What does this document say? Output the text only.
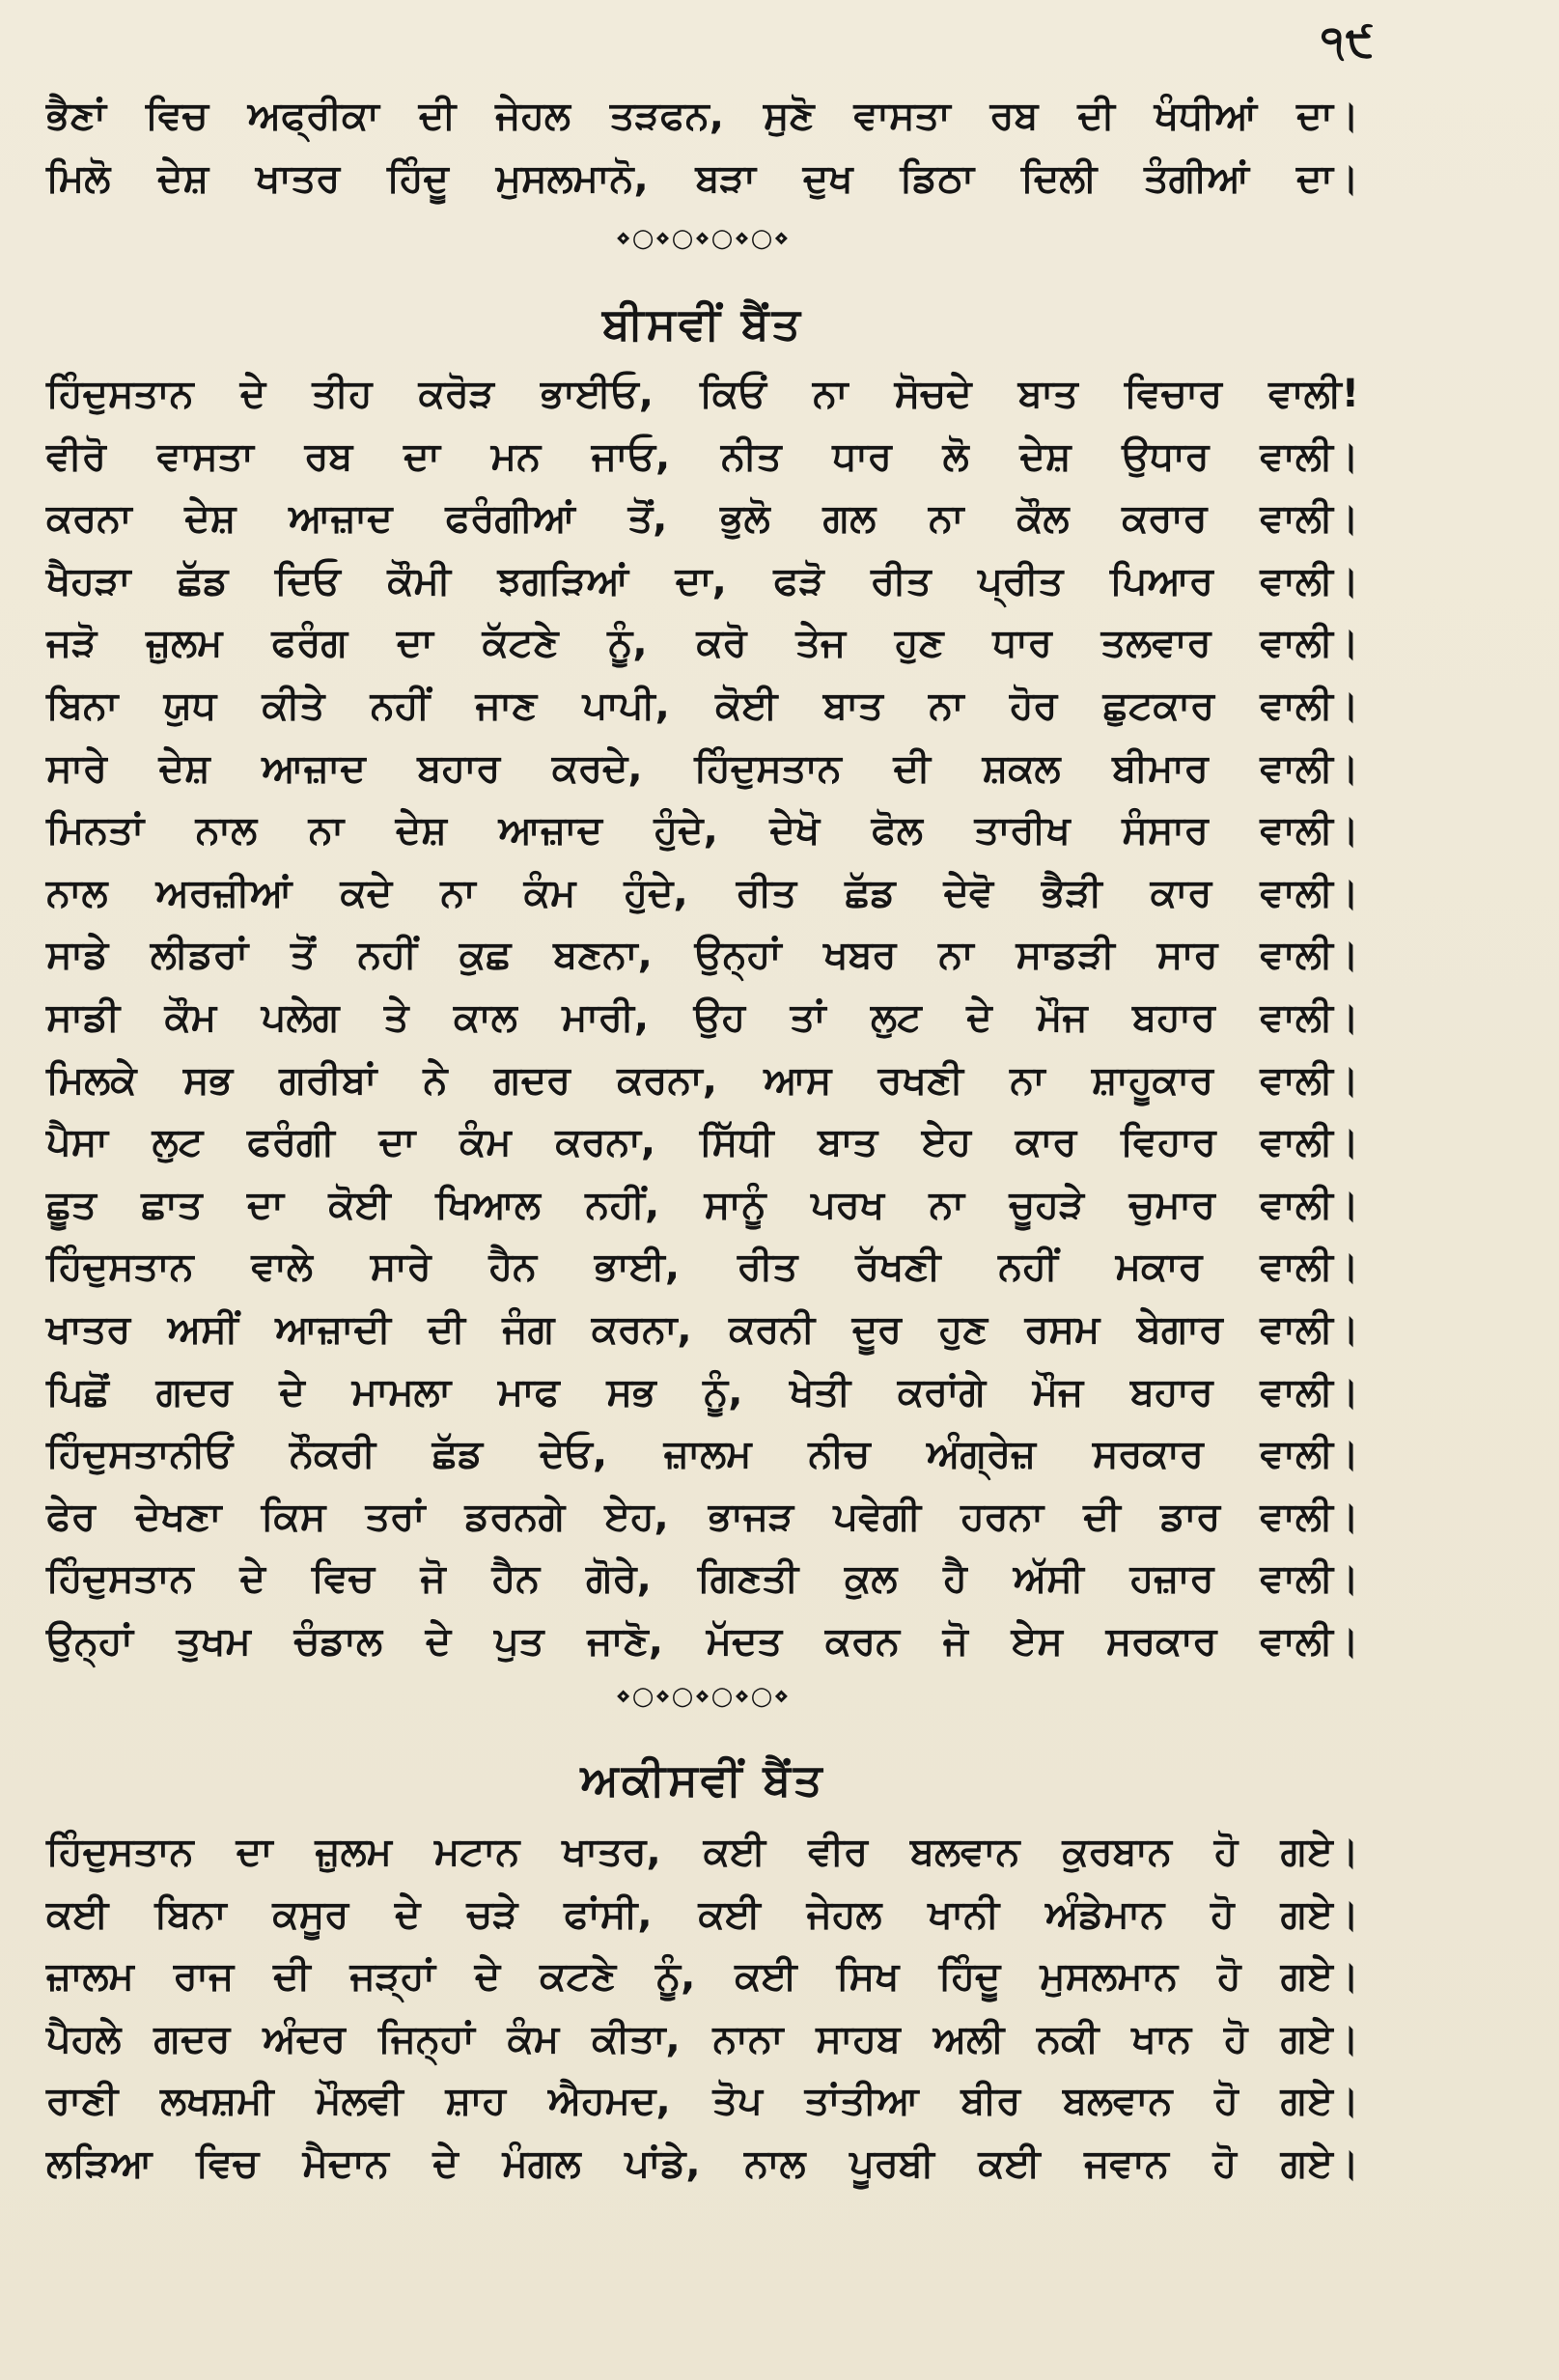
੧੯
ਭੈਣਾਂ ਵਿਚ ਅਫ੍ਰੀਕਾ ਦੀ ਜੇਹਲ ਤੜਫਨ, ਸੁਣੋ ਵਾਸਤਾ ਰਬ ਦੀ ਖੰਧੀਆਂ ਦਾ।
ਮਿਲੋ ਦੇਸ਼ ਖਾਤਰ ਹਿੰਦੂ ਮੁਸਲਮਾਨੋ, ਬੜਾ ਦੁਖ ਡਿਠਾ ਦਿਲੀ ਤੰਗੀਆਂ ਦਾ।
⋄○⋄○⋄○⋄○⋄
ਬੀਸਵੀਂ ਬੈਂਤ
ਹਿੰਦੁਸਤਾਨ ਦੇ ਤੀਹ ਕਰੋੜ ਭਾਈਓ, ਕਿਓਂ ਨਾ ਸੋਚਦੇ ਬਾਤ ਵਿਚਾਰ ਵਾਲੀ!
ਵੀਰੋ ਵਾਸਤਾ ਰਬ ਦਾ ਮਨ ਜਾਓ, ਨੀਤ ਧਾਰ ਲੋ ਦੇਸ਼ ਉਧਾਰ ਵਾਲੀ।
ਕਰਨਾ ਦੇਸ਼ ਆਜ਼ਾਦ ਫਰੰਗੀਆਂ ਤੋਂ, ਭੁਲੋ ਗਲ ਨਾ ਕੌਲ ਕਰਾਰ ਵਾਲੀ।
ਖੈਹੜਾ ਛੱਡ ਦਿਓ ਕੌਮੀ ਝਗੜਿਆਂ ਦਾ, ਫੜੋ ਰੀਤ ਪ੍ਰੀਤ ਪਿਆਰ ਵਾਲੀ।
ਜੜੋ ਜ਼ੁਲਮ ਫਰੰਗ ਦਾ ਕੱਟਣੇ ਨੂੰ, ਕਰੋ ਤੇਜ ਹੁਣ ਧਾਰ ਤਲਵਾਰ ਵਾਲੀ।
ਬਿਨਾ ਯੁਧ ਕੀਤੇ ਨਹੀਂ ਜਾਣ ਪਾਪੀ, ਕੋਈ ਬਾਤ ਨਾ ਹੋਰ ਛੁਟਕਾਰ ਵਾਲੀ।
ਸਾਰੇ ਦੇਸ਼ ਆਜ਼ਾਦ ਬਹਾਰ ਕਰਦੇ, ਹਿੰਦੁਸਤਾਨ ਦੀ ਸ਼ਕਲ ਬੀਮਾਰ ਵਾਲੀ।
ਮਿਨਤਾਂ ਨਾਲ ਨਾ ਦੇਸ਼ ਆਜ਼ਾਦ ਹੁੰਦੇ, ਦੇਖੋ ਫੋਲ ਤਾਰੀਖ ਸੰਸਾਰ ਵਾਲੀ।
ਨਾਲ ਅਰਜ਼ੀਆਂ ਕਦੇ ਨਾ ਕੰਮ ਹੁੰਦੇ, ਰੀਤ ਛੱਡ ਦੇਵੋ ਭੈੜੀ ਕਾਰ ਵਾਲੀ।
ਸਾਡੇ ਲੀਡਰਾਂ ਤੋਂ ਨਹੀਂ ਕੁਛ ਬਣਨਾ, ਉਨ੍ਹਾਂ ਖਬਰ ਨਾ ਸਾਡੜੀ ਸਾਰ ਵਾਲੀ।
ਸਾਡੀ ਕੌਮ ਪਲੇਗ ਤੇ ਕਾਲ ਮਾਰੀ, ਉਹ ਤਾਂ ਲੁਟ ਦੇ ਮੌਜ ਬਹਾਰ ਵਾਲੀ।
ਮਿਲਕੇ ਸਭ ਗਰੀਬਾਂ ਨੇ ਗਦਰ ਕਰਨਾ, ਆਸ ਰਖਣੀ ਨਾ ਸ਼ਾਹੂਕਾਰ ਵਾਲੀ।
ਪੈਸਾ ਲੁਟ ਫਰੰਗੀ ਦਾ ਕੰਮ ਕਰਨਾ, ਸਿੱਧੀ ਬਾਤ ਏਹ ਕਾਰ ਵਿਹਾਰ ਵਾਲੀ।
ਛੂਤ ਛਾਤ ਦਾ ਕੋਈ ਖਿਆਲ ਨਹੀਂ, ਸਾਨੂੰ ਪਰਖ ਨਾ ਚੂਹੜੇ ਚੁਮਾਰ ਵਾਲੀ।
ਹਿੰਦੁਸਤਾਨ ਵਾਲੇ ਸਾਰੇ ਹੈਨ ਭਾਈ, ਰੀਤ ਰੱਖਣੀ ਨਹੀਂ ਮਕਾਰ ਵਾਲੀ।
ਖਾਤਰ ਅਸੀਂ ਆਜ਼ਾਦੀ ਦੀ ਜੰਗ ਕਰਨਾ, ਕਰਨੀ ਦੂਰ ਹੁਣ ਰਸਮ ਬੇਗਾਰ ਵਾਲੀ।
ਪਿਛੋਂ ਗਦਰ ਦੇ ਮਾਮਲਾ ਮਾਫ ਸਭ ਨੂੰ, ਖੇਤੀ ਕਰਾਂਗੇ ਮੌਜ ਬਹਾਰ ਵਾਲੀ।
ਹਿੰਦੁਸਤਾਨੀਓਂ ਨੌਕਰੀ ਛੱਡ ਦੇਓ, ਜ਼ਾਲਮ ਨੀਚ ਅੰਗ੍ਰੇਜ਼ ਸਰਕਾਰ ਵਾਲੀ।
ਫੇਰ ਦੇਖਣਾ ਕਿਸ ਤਰਾਂ ਡਰਨਗੇ ਏਹ, ਭਾਜੜ ਪਵੇਗੀ ਹਰਨਾ ਦੀ ਡਾਰ ਵਾਲੀ।
ਹਿੰਦੁਸਤਾਨ ਦੇ ਵਿਚ ਜੋ ਹੈਨ ਗੋਰੇ, ਗਿਣਤੀ ਕੁਲ ਹੈ ਅੱਸੀ ਹਜ਼ਾਰ ਵਾਲੀ।
ਉਨ੍ਹਾਂ ਤੁਖਮ ਚੰਡਾਲ ਦੇ ਪੁਤ ਜਾਣੋ, ਮੱਦਤ ਕਰਨ ਜੋ ਏਸ ਸਰਕਾਰ ਵਾਲੀ।
⋄○⋄○⋄○⋄○⋄
ਅਕੀਸਵੀਂ ਬੈਂਤ
ਹਿੰਦੁਸਤਾਨ ਦਾ ਜ਼ੁਲਮ ਮਟਾਨ ਖਾਤਰ, ਕਈ ਵੀਰ ਬਲਵਾਨ ਕੁਰਬਾਨ ਹੋ ਗਏ।
ਕਈ ਬਿਨਾ ਕਸੂਰ ਦੇ ਚੜੇ ਫਾਂਸੀ, ਕਈ ਜੇਹਲ ਖਾਨੀ ਅੰਡੇਮਾਨ ਹੋ ਗਏ।
ਜ਼ਾਲਮ ਰਾਜ ਦੀ ਜੜ੍ਹਾਂ ਦੇ ਕਟਣੇ ਨੂੰ, ਕਈ ਸਿਖ ਹਿੰਦੂ ਮੁਸਲਮਾਨ ਹੋ ਗਏ।
ਪੈਹਲੇ ਗਦਰ ਅੰਦਰ ਜਿਨ੍ਹਾਂ ਕੰਮ ਕੀਤਾ, ਨਾਨਾ ਸਾਹਬ ਅਲੀ ਨਕੀ ਖਾਨ ਹੋ ਗਏ।
ਰਾਣੀ ਲਖਸ਼ਮੀ ਮੌਲਵੀ ਸ਼ਾਹ ਐਹਮਦ, ਤੋਪ ਤਾਂਤੀਆ ਬੀਰ ਬਲਵਾਨ ਹੋ ਗਏ।
ਲੜਿਆ ਵਿਚ ਮੈਦਾਨ ਦੇ ਮੰਗਲ ਪਾਂਡੇ, ਨਾਲ ਪੂਰਬੀ ਕਈ ਜਵਾਨ ਹੋ ਗਏ।
